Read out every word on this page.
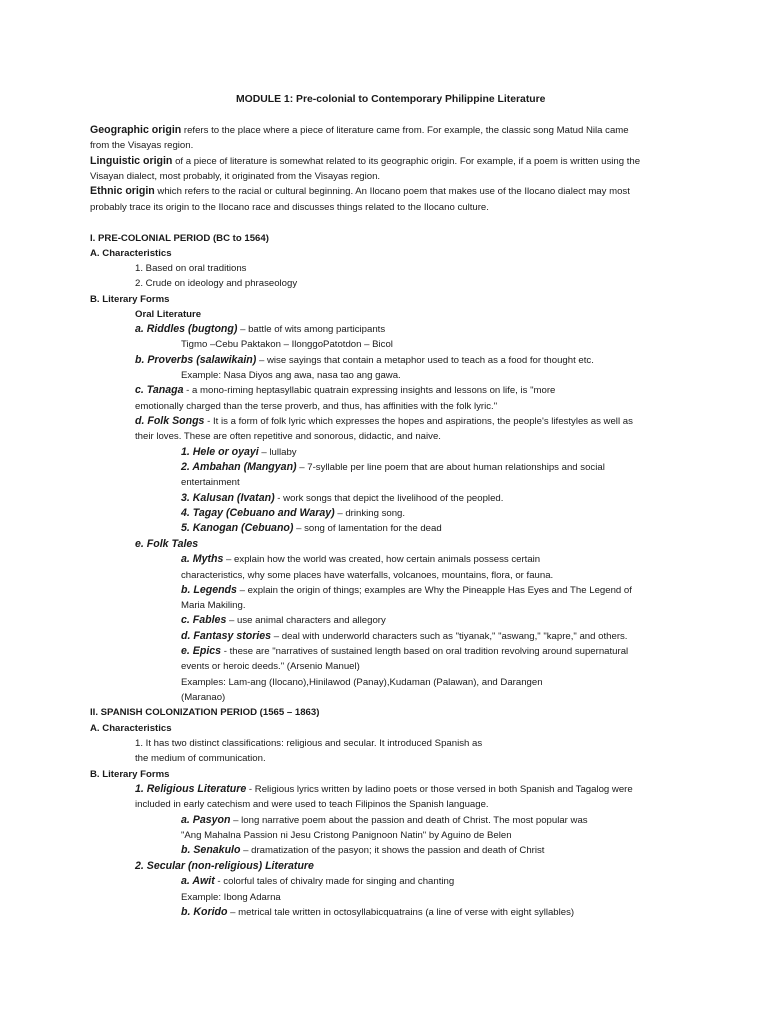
MODULE 1: Pre-colonial to Contemporary Philippine Literature
Geographic origin refers to the place where a piece of literature came from. For example, the classic song Matud Nila came
from the Visayas region.
Linguistic origin of a piece of literature is somewhat related to its geographic origin. For example, if a poem is written using the
Visayan dialect, most probably, it originated from the Visayas region.
Ethnic origin which refers to the racial or cultural beginning. An Ilocano poem that makes use of the Ilocano dialect may most
probably trace its origin to the Ilocano race and discusses things related to the Ilocano culture.
I. PRE-COLONIAL PERIOD (BC to 1564)
A. Characteristics
1. Based on oral traditions
2. Crude on ideology and phraseology
B. Literary Forms
Oral Literature
a. Riddles (bugtong) – battle of wits among participants
Tigmo –Cebu Paktakon – IlonggoPatotdon – Bicol
b. Proverbs (salawikain) – wise sayings that contain a metaphor used to teach as a food for thought etc.
Example: Nasa Diyos ang awa, nasa tao ang gawa.
c. Tanaga - a mono-riming heptasyllabic quatrain expressing insights and lessons on life, is "more
emotionally charged than the terse proverb, and thus, has affinities with the folk lyric."
d. Folk Songs - It is a form of folk lyric which expresses the hopes and aspirations, the people's lifestyles as well as
their loves. These are often repetitive and sonorous, didactic, and naive.
1. Hele or oyayi – lullaby
2. Ambahan (Mangyan) – 7-syllable per line poem that are about human relationships and social
entertainment
3. Kalusan (Ivatan) - work songs that depict the livelihood of the peopled.
4. Tagay (Cebuano and Waray) – drinking song.
5. Kanogan (Cebuano) – song of lamentation for the dead
e. Folk Tales
a. Myths – explain how the world was created, how certain animals possess certain
characteristics, why some places have waterfalls, volcanoes, mountains, flora, or fauna.
b. Legends – explain the origin of things; examples are Why the Pineapple Has Eyes and The Legend of
Maria Makiling.
c. Fables – use animal characters and allegory
d. Fantasy stories – deal with underworld characters such as "tiyanak," "aswang," "kapre," and others.
e. Epics - these are "narratives of sustained length based on oral tradition revolving around supernatural
events or heroic deeds." (Arsenio Manuel)
Examples: Lam-ang (Ilocano),Hinilawod (Panay),Kudaman (Palawan), and Darangen
(Maranao)
II. SPANISH COLONIZATION PERIOD (1565 – 1863)
A. Characteristics
1. It has two distinct classifications: religious and secular. It introduced Spanish as
the medium of communication.
B. Literary Forms
1. Religious Literature - Religious lyrics written by ladino poets or those versed in both Spanish and Tagalog were
included in early catechism and were used to teach Filipinos the Spanish language.
a. Pasyon – long narrative poem about the passion and death of Christ. The most popular was
"Ang Mahalna Passion ni Jesu Cristong Panignoon Natin" by Aguino de Belen
b. Senakulo – dramatization of the pasyon; it shows the passion and death of Christ
2. Secular (non-religious) Literature
a. Awit - colorful tales of chivalry made for singing and chanting
Example: Ibong Adarna
b. Korido – metrical tale written in octosyllabicquatrains (a line of verse with eight syllables)
